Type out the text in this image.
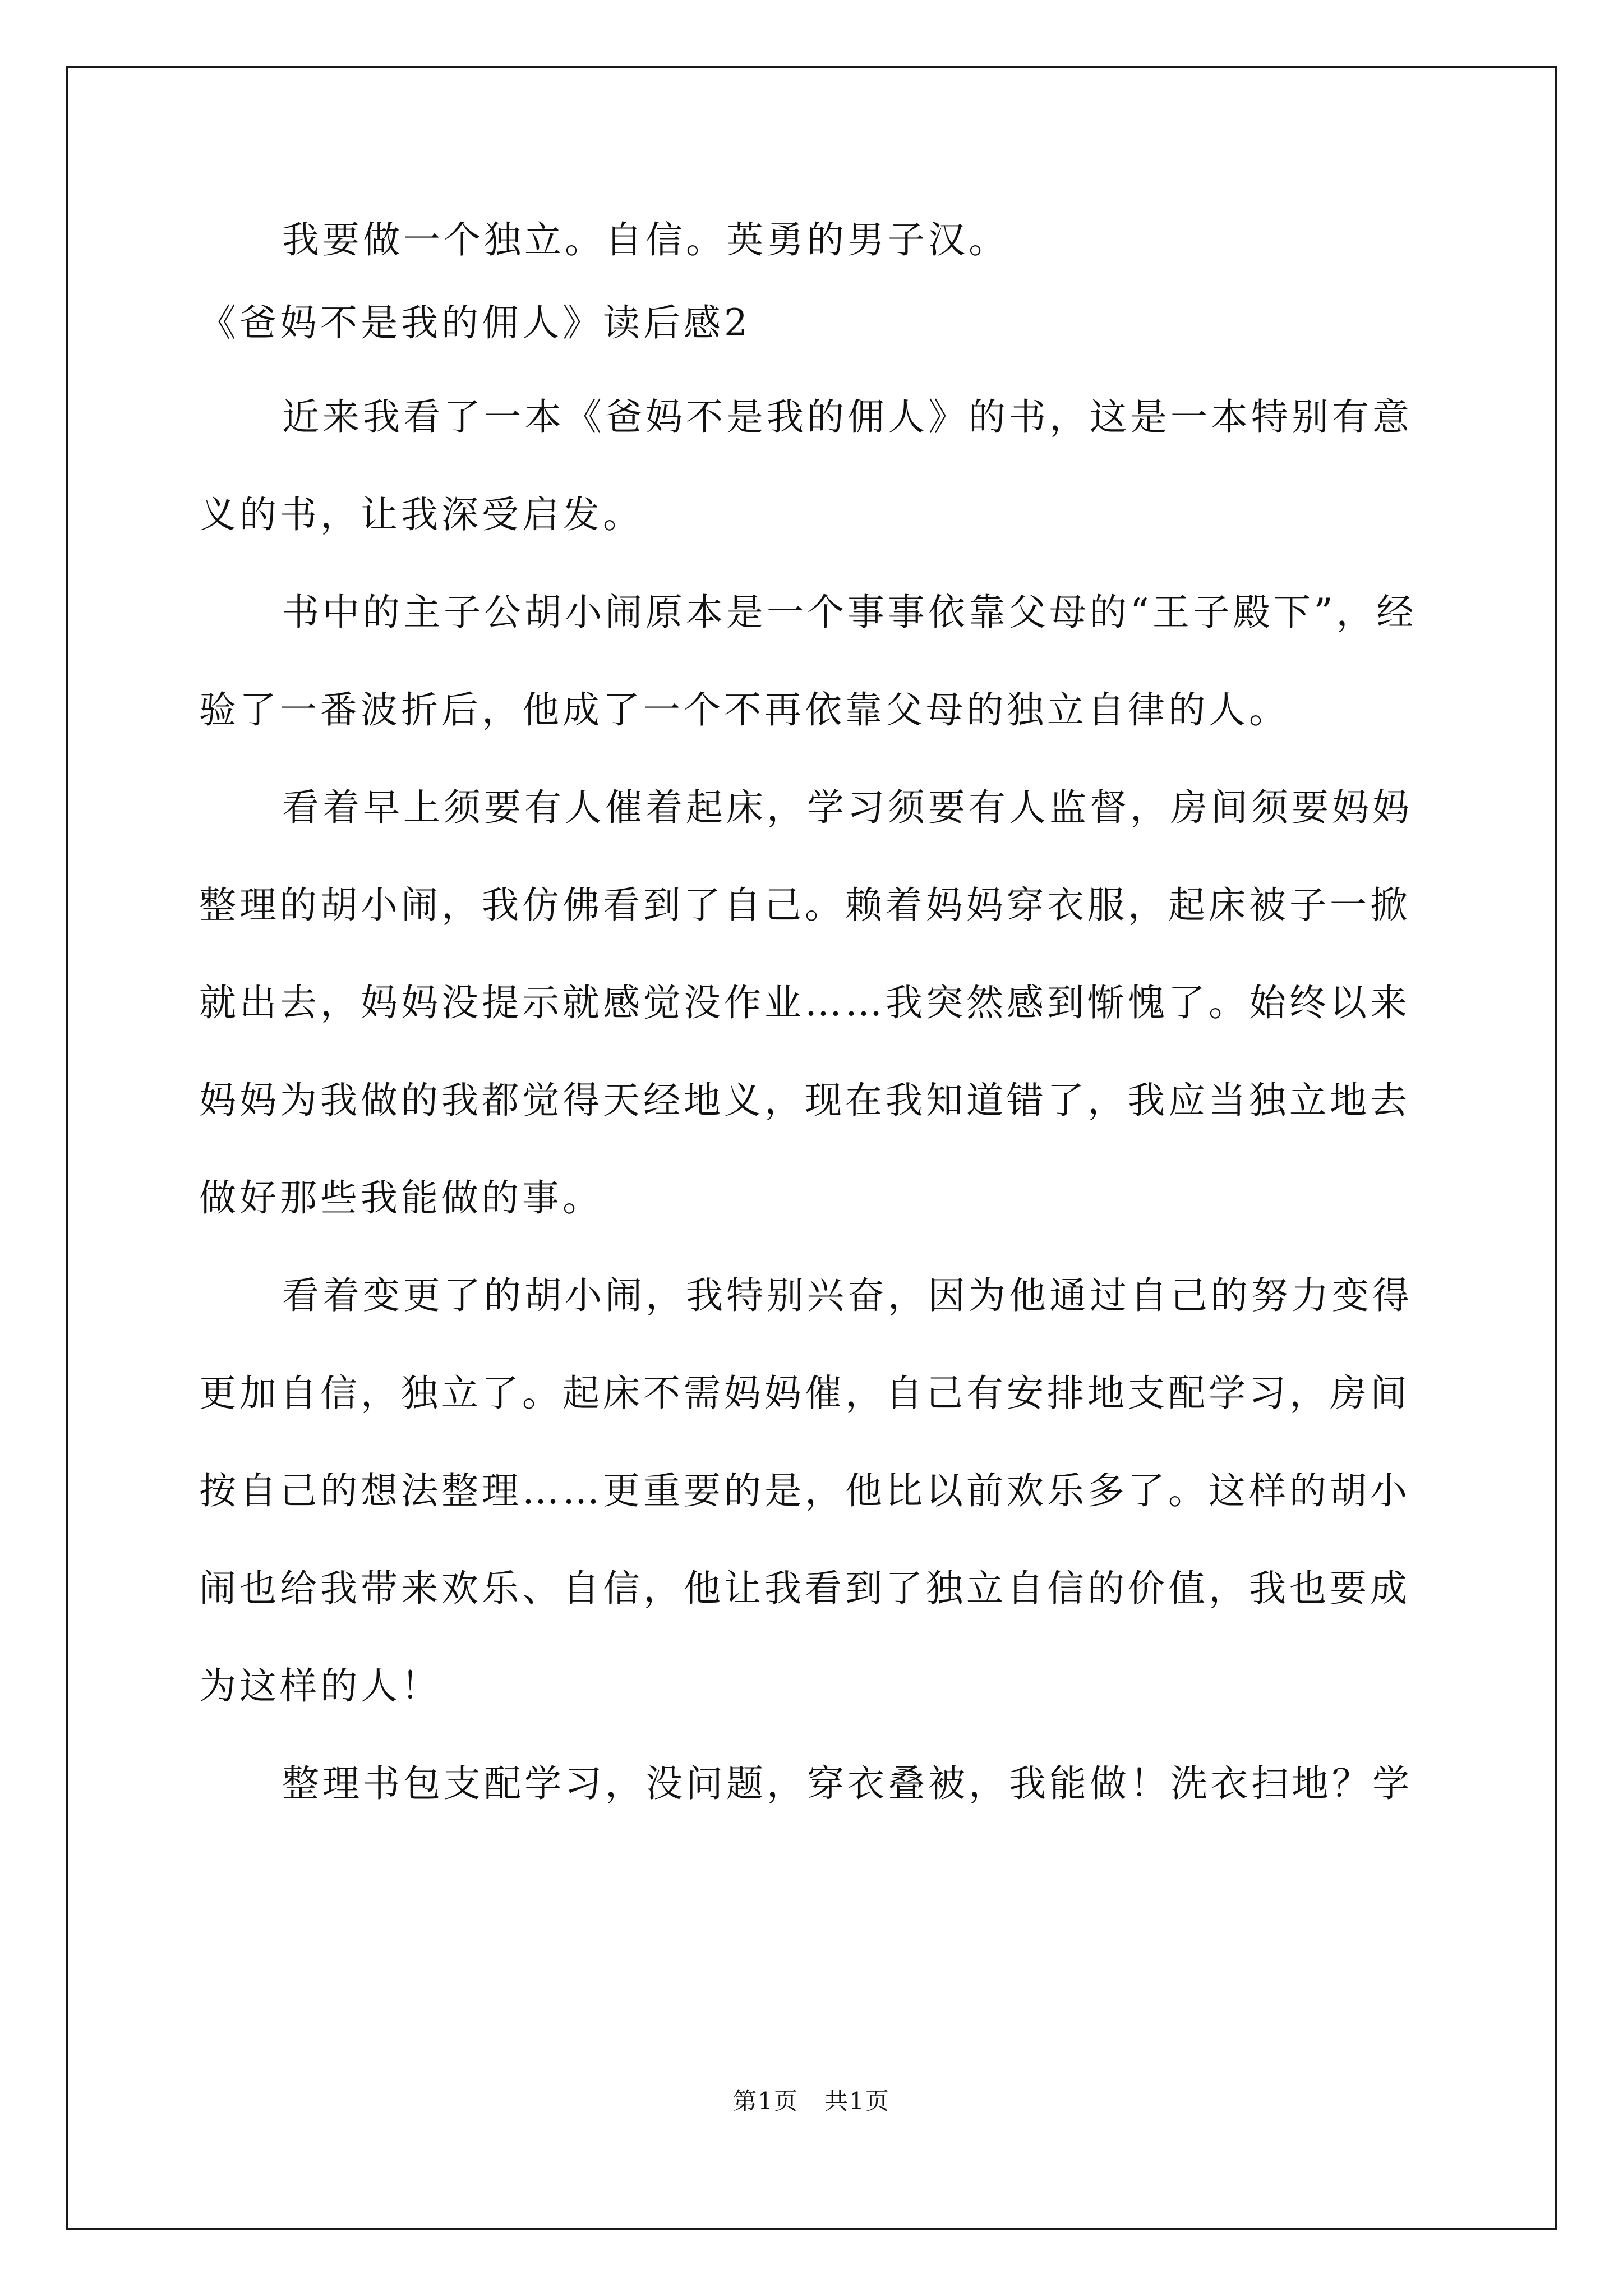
我要做一个独立。自信。英勇的男子汉。
《爸妈不是我的佣人》读后感2
近来我看了一本《爸妈不是我的佣人》的书，这是一本特别有意
义的书，让我深受启发。
书中的主子公胡小闹原本是一个事事依靠父母的“王子殿下”，经
验了一番波折后，他成了一个不再依靠父母的独立自律的人。
看着早上须要有人催着起床，学习须要有人监督，房间须要妈妈
整理的胡小闹，我仿佛看到了自己。赖着妈妈穿衣服，起床被子一掀
就出去，妈妈没提示就感觉没作业……我突然感到惭愧了。始终以来
妈妈为我做的我都觉得天经地义，现在我知道错了，我应当独立地去
做好那些我能做的事。
看着变更了的胡小闹，我特别兴奋，因为他通过自己的努力变得
更加自信，独立了。起床不需妈妈催，自己有安排地支配学习，房间
按自己的想法整理……更重要的是，他比以前欢乐多了。这样的胡小
闹也给我带来欢乐、自信，他让我看到了独立自信的价值，我也要成
为这样的人！
整理书包支配学习，没问题，穿衣叠被，我能做！洗衣扫地？学
第1页   共1页
